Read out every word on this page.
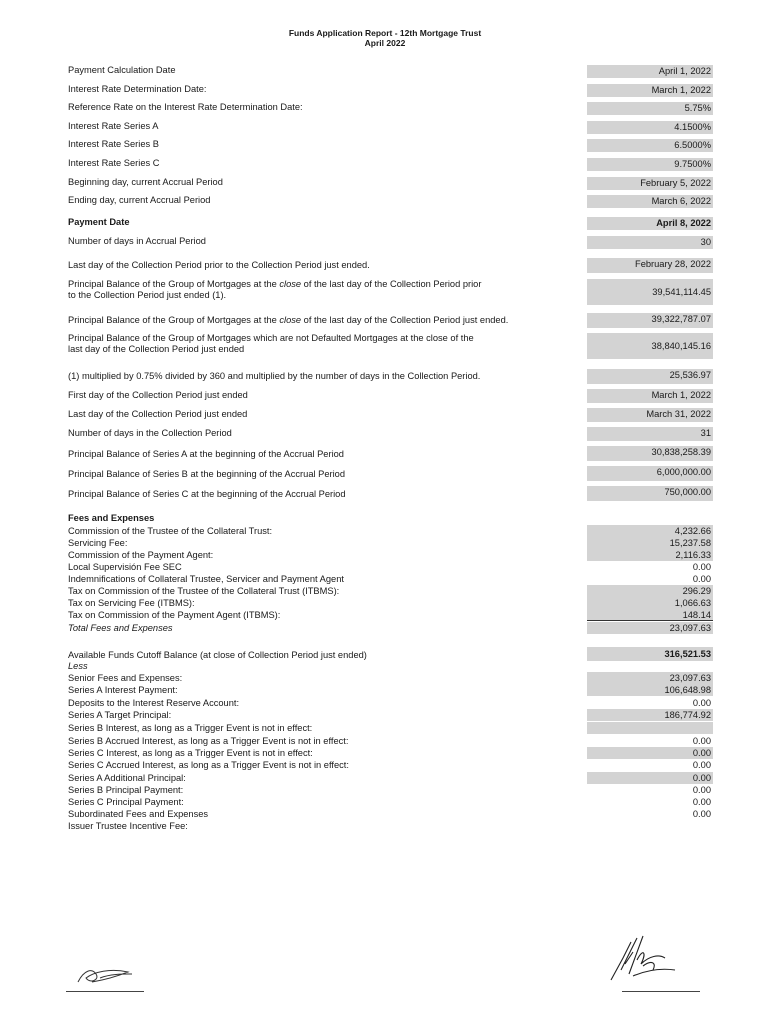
Funds Application Report - 12th Mortgage Trust
April 2022
Payment Calculation Date	April 1, 2022
Interest Rate Determination Date:	March 1, 2022
Reference Rate on the Interest Rate Determination Date:	5.75%
Interest Rate Series A	4.1500%
Interest Rate Series B	6.5000%
Interest Rate Series C	9.7500%
Beginning day, current Accrual Period	February 5, 2022
Ending day, current Accrual Period	March 6, 2022
Payment Date	April 8, 2022
Number of days in Accrual Period	30
Last day of the Collection Period prior to the Collection Period just ended.	February 28, 2022
Principal Balance of the Group of Mortgages at the close of the last day of the Collection Period prior
to the Collection Period just ended (1).	39,541,114.45
Principal Balance of the Group of Mortgages at the close of the last day of the Collection Period just ended.	39,322,787.07
Principal Balance of the Group of Mortgages which are not Defaulted Mortgages at the close of the
last day of the Collection Period just ended	38,840,145.16
(1) multiplied by 0.75% divided by 360 and multiplied by the number of days in the Collection Period.	25,536.97
First day of the Collection Period just ended	March 1, 2022
Last day of the Collection Period just ended	March 31, 2022
Number of days in the Collection Period	31
Principal Balance of Series A at the beginning of the Accrual Period	30,838,258.39
Principal Balance of Series B at the beginning of the Accrual Period	6,000,000.00
Principal Balance of Series C at the beginning of the Accrual Period	750,000.00
Fees and Expenses
Commission of the Trustee of the Collateral Trust:	4,232.66
Servicing Fee:	15,237.58
Commission of the Payment Agent:	2,116.33
Local Supervisión Fee SEC	0.00
Indemnifications of Collateral Trustee, Servicer and Payment Agent	0.00
Tax on Commission of the Trustee of the Collateral Trust (ITBMS):	296.29
Tax on Servicing Fee (ITBMS):	1,066.63
Tax on Commission of the Payment Agent (ITBMS):	148.14
Total Fees and Expenses	23,097.63
Available Funds Cutoff Balance (at close of Collection Period just ended)	316,521.53
Less
Senior Fees and Expenses:	23,097.63
Series A Interest Payment:	106,648.98
Deposits to the Interest Reserve Account:	0.00
Series A Target Principal:	186,774.92
Series B Interest, as long as a Trigger Event is not in effect:
Series B Accrued Interest, as long as a Trigger Event is not in effect:	0.00
Series C Interest, as long as a Trigger Event is not in effect:	0.00
Series C Accrued Interest, as long as a Trigger Event is not in effect:	0.00
Series A Additional Principal:	0.00
Series B Principal Payment:	0.00
Series C Principal Payment:	0.00
Subordinated Fees and Expenses	0.00
Issuer Trustee Incentive Fee:
